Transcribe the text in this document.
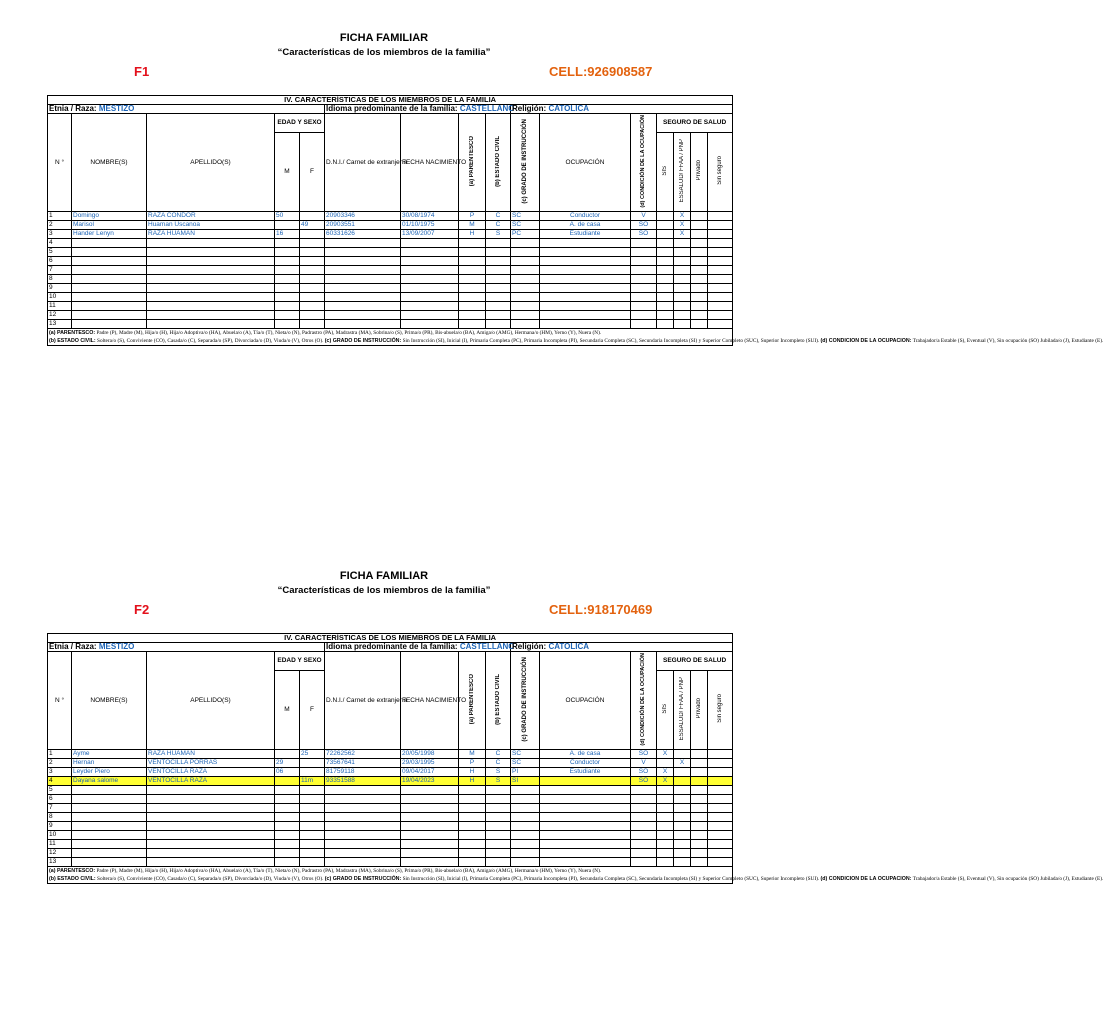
FICHA FAMILIAR
“Características de los miembros de la familia”
F1	CELL:926908587
IV. CARACTERÍSTICAS DE LOS MIEMBROS DE LA FAMILIA															
Etnia / Raza: MESTIZO					Idioma predominante de la familia: CASTELLANO				Religión: CATOLICA						
N °	NOMBRE(S)	APELLIDO(S)	EDAD Y SEXO		D.N.I./ Carnet de extranjería	FECHA NACIMIENTO	(a) PARENTESCO	(b) ESTADO CIVIL	(c) GRADO DE INSTRUCCIÓN	OCUPACIÓN	(d) CONDICIÓN DE LA OCUPACIÓN	SEGURO DE SALUD			
			M	F								SIS	ESSALUD/ FFAA / PNP	Privado	Sin seguro

1	Domingo	RAZA CONDOR	50		20903346	30/08/1974	P	C	SC	Conductor	V		X		
2	Marisol	Huaman Uscanoa		49	20903551	01/10/1975	M	C	SC	A. de casa	SO		X		
3	Hander Lenyn	RAZA HUAMAN	16		60331626	13/09/2007	H	S	PC	Estudiante	SO		X		
4															
5															
6															
7															
8															
9															
10															
11															
12															
13															
(a) PARENTESCO: Padre (P), Madre (M), Hija/o (H), Hija/o Adoptiva/o (HA), Abuela/o (A), Tía/o (T), Nieta/o (N), Padrastro (PA), Madrastra (MA), Sobrina/o (S), Prima/o (PR), Bis-abuela/o (BA), Amiga/o (AMG), Hermana/o (HM), Yerno (Y), Nuera (N).
(b) ESTADO CIVIL: Soltera/o (S), Conviviente (CO), Casada/o (C), Separada/o (SP), Divorciada/o (D), Viuda/o (V), Otros (O). (c) GRADO DE INSTRUCCIÓN: Sin Instrucción (SI), Inicial (I), Primaria Completa (PC), Primaria Incompleta (PI), Secundaria Completa (SC), Secundaria Incompleta (SI) y Superior Completo (SUC), Superior Incompleto (SUI). (d) CONDICION DE LA OCUPACION: Trabajador/a Estable (S), Eventual (V), Sin ocupación (SO) Jubilada/o (J), Estudiante (E).															
FICHA FAMILIAR
“Características de los miembros de la familia”
F2	CELL:918170469
IV. CARACTERÍSTICAS DE LOS MIEMBROS DE LA FAMILIA															
Etnia / Raza: MESTIZO					Idioma predominante de la familia: CASTELLANO				Religión: CATOLICA						
N °	NOMBRE(S)	APELLIDO(S)	EDAD Y SEXO		D.N.I./ Carnet de extranjería	FECHA NACIMIENTO	(a) PARENTESCO	(b) ESTADO CIVIL	(c) GRADO DE INSTRUCCIÓN	OCUPACIÓN	(d) CONDICIÓN DE LA OCUPACIÓN	SEGURO DE SALUD			
			M	F								SIS	ESSALUD/ FFAA / PNP	Privado	Sin seguro

1	Ayme	RAZA HUAMAN		25	72262562	20/05/1998	M	C	SC	A. de casa	SO	X			
2	Hernan	VENTOCILLA PORRAS	29		73567641	29/03/1995	P	C	SC	Conductor	V		X		
3	Leyder Piero	VENTOCILLA RAZA	06		81759118	09/04/2017	H	S	PI	Estudiante	SO	X			
4	Dayana salome	VENTOCILLA RAZA		11m	93351588	19/04/2023	H	S	SI		SO	X			
5															
6															
7															
8															
9															
10															
11															
12															
13															
(a) PARENTESCO: Padre (P), Madre (M), Hija/o (H), Hija/o Adoptiva/o (HA), Abuela/o (A), Tía/o (T), Nieta/o (N), Padrastro (PA), Madrastra (MA), Sobrina/o (S), Prima/o (PR), Bis-abuela/o (BA), Amiga/o (AMG), Hermana/o (HM), Yerno (Y), Nuera (N).
(b) ESTADO CIVIL: Soltera/o (S), Conviviente (CO), Casada/o (C), Separada/o (SP), Divorciada/o (D), Viuda/o (V), Otros (O). (c) GRADO DE INSTRUCCIÓN: Sin Instrucción (SI), Inicial (I), Primaria Completa (PC), Primaria Incompleta (PI), Secundaria Completa (SC), Secundaria Incompleta (SI) y Superior Completo (SUC), Superior Incompleto (SUI). (d) CONDICION DE LA OCUPACION: Trabajador/a Estable (S), Eventual (V), Sin ocupación (SO) Jubilada/o (J), Estudiante (E).															
